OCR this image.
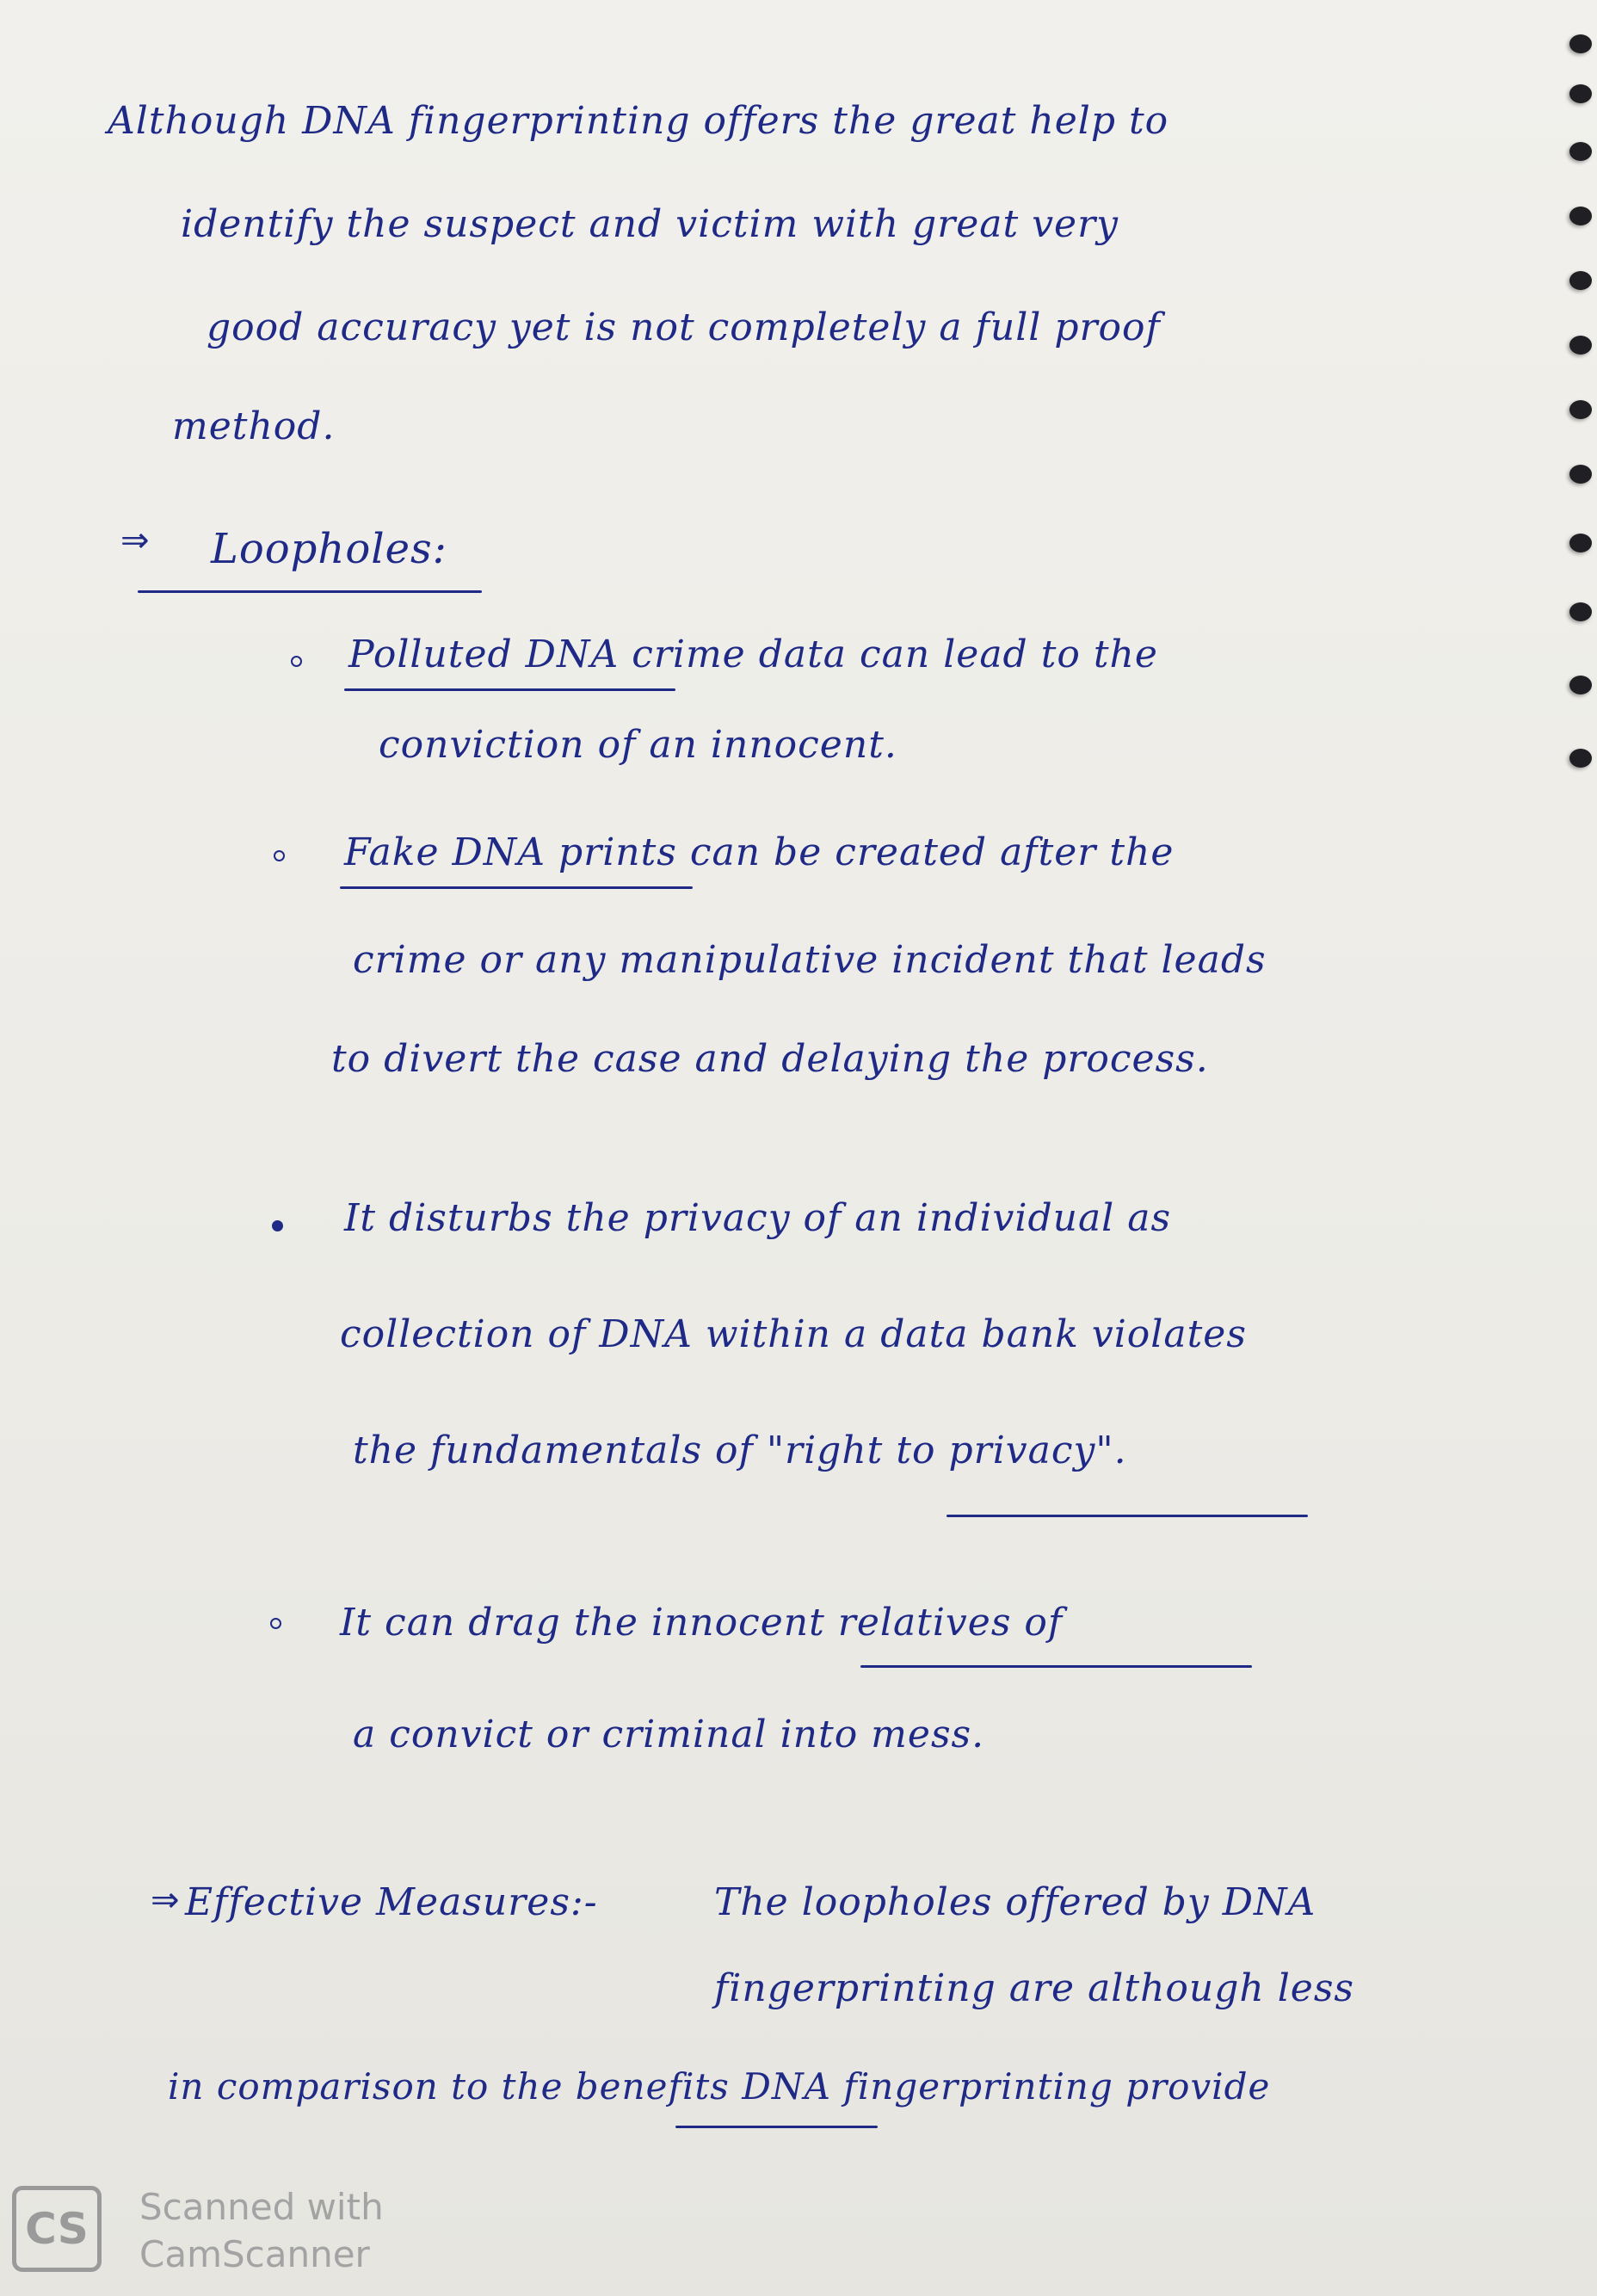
Although DNA fingerprinting offers the great help to
identify the suspect and victim with great very
good accuracy yet is not completely a full proof
method.
⇒ Loopholes:
Polluted DNA crime data can lead to the
conviction of an innocent.
Fake DNA prints can be created after the
crime or any manipulative incident that leads
to divert the case and delaying the process.
It disturbs the privacy of an individual as
collection of DNA within a data bank violates
the fundamentals of "right to privacy".
It can drag the innocent relatives of
a convict or criminal into mess.
⇒ Effective Measures:-	The loopholes offered by DNA
fingerprinting are although less
in comparison to the benefits DNA fingerprinting provide
CS	Scanned with
CamScanner
